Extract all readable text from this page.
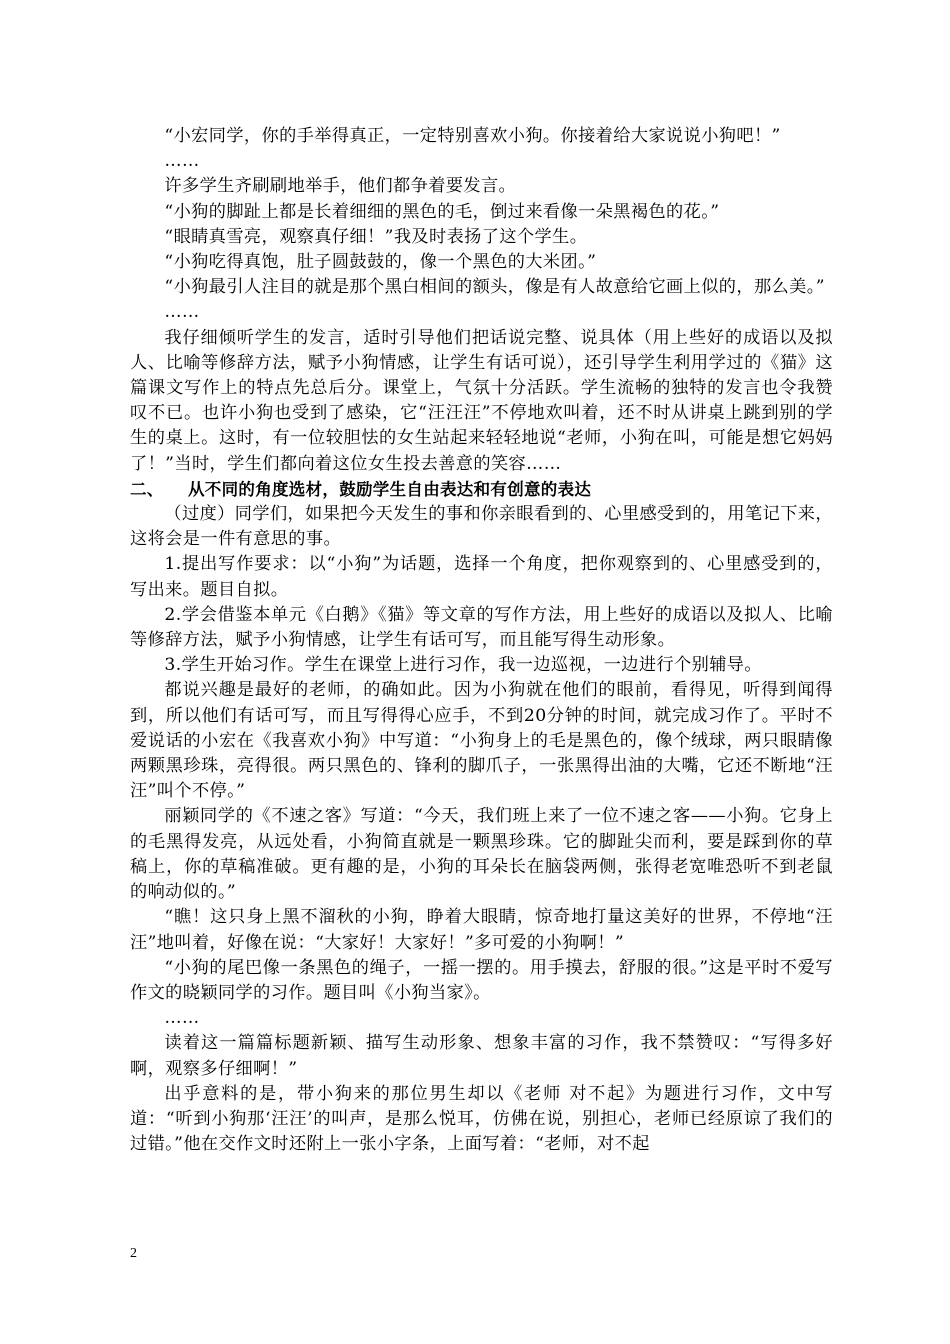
“小宏同学，你的手举得真正，一定特别喜欢小狗。你接着给大家说说小狗吧！”

……

许多学生齐刷刷地举手，他们都争着要发言。

“小狗的脚趾上都是长着细细的黑色的毛，倒过来看像一朵黑褐色的花。”

“眼睛真雪亮，观察真仔细！”我及时表扬了这个学生。

“小狗吃得真饱，肚子圆鼓鼓的，像一个黑色的大米团。”

“小狗最引人注目的就是那个黑白相间的额头，像是有人故意给它画上似的，那么美。”

……

我仔细倾听学生的发言，适时引导他们把话说完整、说具体（用上些好的成语以及拟人、比喻等修辞方法，赋予小狗情感，让学生有话可说），还引导学生利用学过的《猫》这篇课文写作上的特点先总后分。课堂上，气氛十分活跃。学生流畅的独特的发言也令我赞叹不已。也许小狗也受到了感染，它“汪汪汪”不停地欢叫着，还不时从讲桌上跳到别的学生的桌上。这时，有一位较胆怯的女生站起来轻轻地说“老师，小狗在叫，可能是想它妈妈了！”当时，学生们都向着这位女生投去善意的笑容……

二、 从不同的角度选材，鼓励学生自由表达和有创意的表达

（过度）同学们，如果把今天发生的事和你亲眼看到的、心里感受到的，用笔记下来，这将会是一件有意思的事。

1.提出写作要求：以“小狗”为话题，选择一个角度，把你观察到的、心里感受到的，写出来。题目自拟。

2.学会借鉴本单元《白鹅》《猫》等文章的写作方法，用上些好的成语以及拟人、比喻等修辞方法，赋予小狗情感，让学生有话可写，而且能写得生动形象。

3.学生开始习作。学生在课堂上进行习作，我一边巡视，一边进行个别辅导。

都说兴趣是最好的老师，的确如此。因为小狗就在他们的眼前，看得见，听得到闻得到，所以他们有话可写，而且写得得心应手，不到20分钟的时间，就完成习作了。平时不爱说话的小宏在《我喜欢小狗》中写道：“小狗身上的毛是黑色的，像个绒球，两只眼睛像两颗黑珍珠，亮得很。两只黑色的、锋利的脚爪子，一张黑得出油的大嘴，它还不断地“汪汪”叫个不停。”

丽颖同学的《不速之客》写道：“今天，我们班上来了一位不速之客——小狗。它身上的毛黑得发亮，从远处看，小狗简直就是一颗黑珍珠。它的脚趾尖而利，要是踩到你的草稿上，你的草稿准破。更有趣的是，小狗的耳朵长在脑袋两侧，张得老宽唯恐听不到老鼠的响动似的。”

“瞧！这只身上黑不溜秋的小狗，睁着大眼睛，惊奇地打量这美好的世界，不停地“汪汪”地叫着，好像在说：“大家好！大家好！”多可爱的小狗啊！”

“小狗的尾巴像一条黑色的绳子，一摇一摆的。用手摸去，舒服的很。”这是平时不爱写作文的晓颖同学的习作。题目叫《小狗当家》。

……

读着这一篇篇标题新颖、描写生动形象、想象丰富的习作，我不禁赞叹：“写得多好啊，观察多仔细啊！”

出乎意料的是，带小狗来的那位男生却以《老师 对不起》为题进行习作，文中写道：“听到小狗那‘汪汪’的叫声，是那么悦耳，仿佛在说，别担心，老师已经原谅了我们的过错。”他在交作文时还附上一张小字条，上面写着：“老师，对不起

2
